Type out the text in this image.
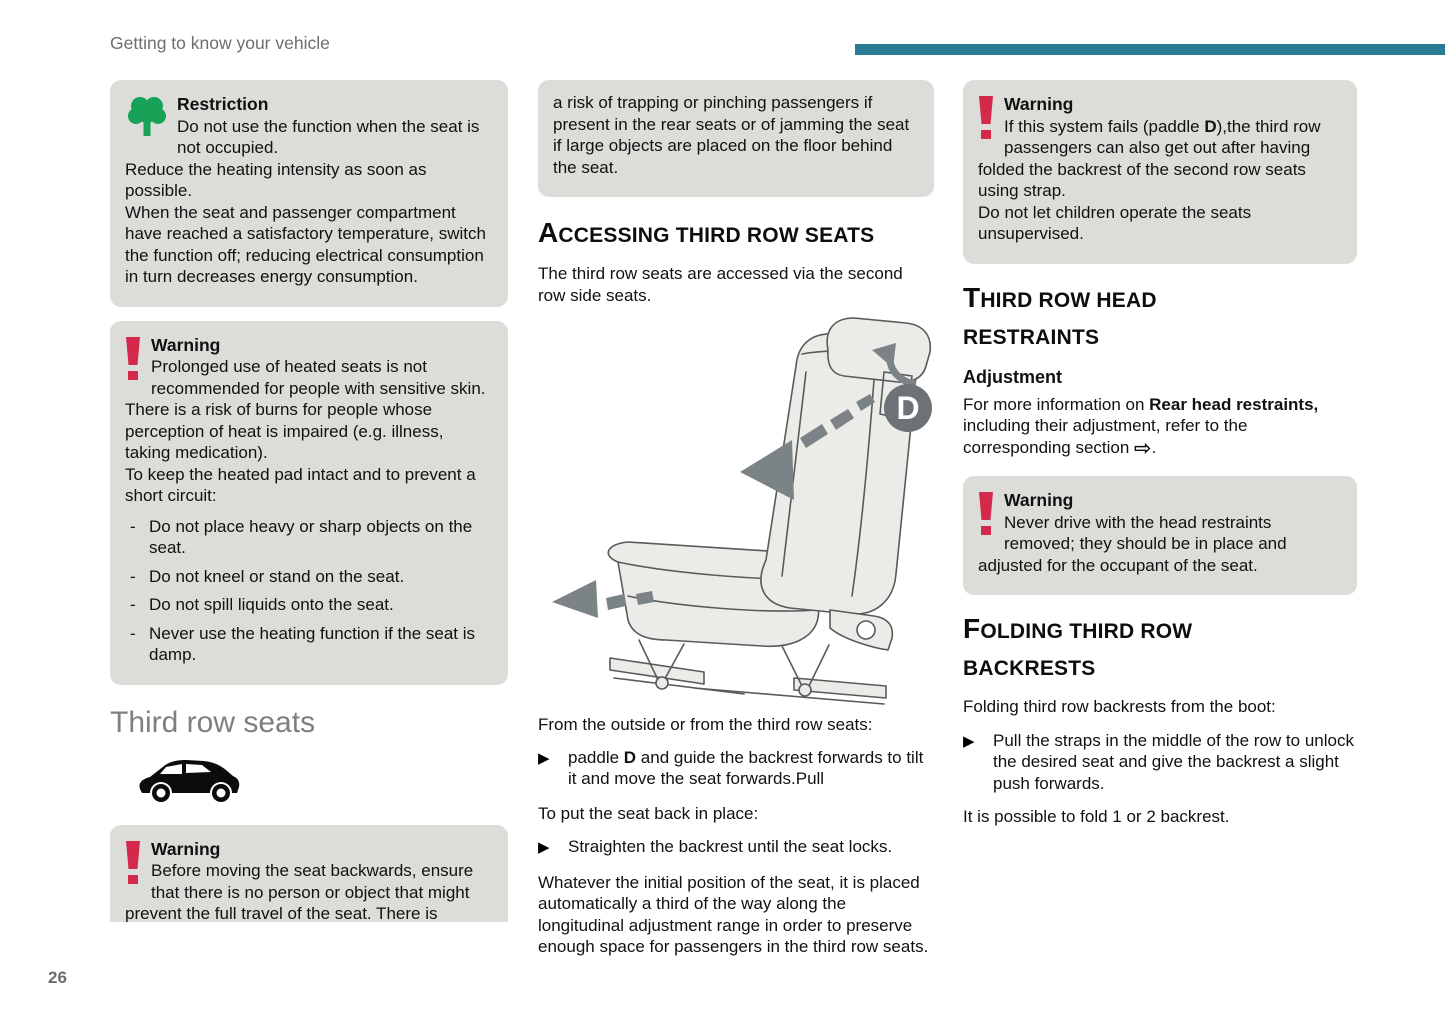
Getting to know your vehicle
Restriction

Do not use the function when the seat is not occupied.

Reduce the heating intensity as soon as possible.

When the seat and passenger compartment have reached a satisfactory temperature, switch the function off; reducing electrical consumption in turn decreases energy consumption.

Warning

Prolonged use of heated seats is not recommended for people with sensitive skin.

There is a risk of burns for people whose perception of heat is impaired (e.g. illness, taking medication).

To keep the heated pad intact and to prevent a short circuit:

- Do not place heavy or sharp objects on the seat.
- Do not kneel or stand on the seat.
- Do not spill liquids onto the seat.
- Never use the heating function if the seat is damp.
Third row seats
Warning

Before moving the seat backwards, ensure that there is no person or object that might prevent the full travel of the seat. There is

a risk of trapping or pinching passengers if present in the rear seats or of jamming the seat if large objects are placed on the floor behind the seat.

ACCESSING THIRD ROW SEATS

The third row seats are accessed via the second row side seats.

D

From the outside or from the third row seats:

▶	paddle D and guide the backrest forwards to tilt it and move the seat forwards.Pull

To put the seat back in place:

▶	Straighten the backrest until the seat locks.

Whatever the initial position of the seat, it is placed automatically a third of the way along the longitudinal adjustment range in order to preserve enough space for passengers in the third row seats.

Warning

If this system fails (paddle D),the third row passengers can also get out after having folded the backrest of the second row seats using strap.

Do not let children operate the seats unsupervised.

THIRD ROW HEAD RESTRAINTS
Adjustment

For more information on Rear head restraints, including their adjustment, refer to the corresponding section ⇨.

Warning

Never drive with the head restraints removed; they should be in place and adjusted for the occupant of the seat.

FOLDING THIRD ROW BACKRESTS

Folding third row backrests from the boot:

▶	Pull the straps in the middle of the row to unlock the desired seat and give the backrest a slight push forwards.

It is possible to fold 1 or 2 backrest.

26
